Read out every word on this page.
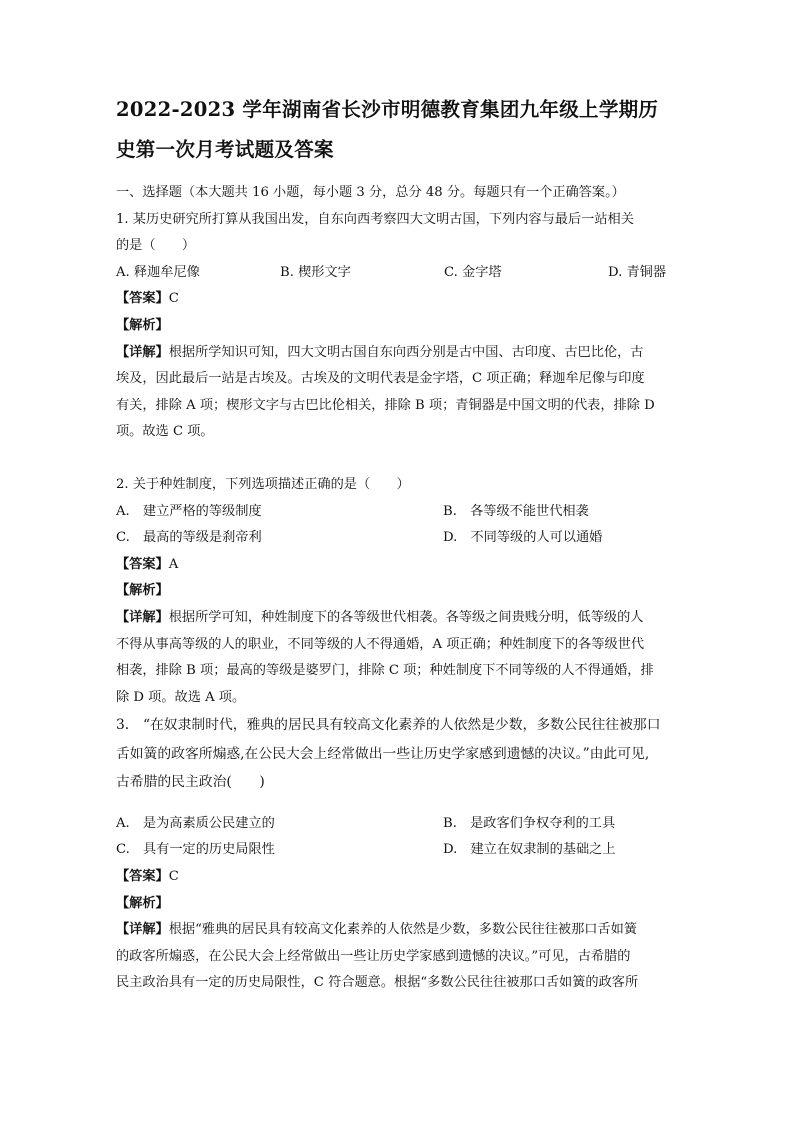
2022-2023 学年湖南省长沙市明德教育集团九年级上学期历

史第一次月考试题及答案

一、选择题（本大题共 16 小题，每小题 3 分，总分 48 分。每题只有一个正确答案。）

1. 某历史研究所打算从我国出发，自东向西考察四大文明古国，下列内容与最后一站相关

的是（　　）

A. 释迦牟尼像	B. 楔形文字	C. 金字塔	D. 青铜器

【答案】C

【解析】

【详解】根据所学知识可知，四大文明古国自东向西分别是古中国、古印度、古巴比伦，古

埃及，因此最后一站是古埃及。古埃及的文明代表是金字塔，C 项正确；释迦牟尼像与印度

有关，排除 A 项；楔形文字与古巴比伦相关，排除 B 项；青铜器是中国文明的代表，排除 D

项。故选 C 项。

2. 关于种姓制度，下列选项描述正确的是（　　）

A.　建立严格的等级制度	B.　各等级不能世代相袭
C.　最高的等级是刹帝利	D.　不同等级的人可以通婚

【答案】A

【解析】

【详解】根据所学可知，种姓制度下的各等级世代相袭。各等级之间贵贱分明，低等级的人

不得从事高等级的人的职业，不同等级的人不得通婚，A 项正确；种姓制度下的各等级世代

相袭，排除 B 项；最高的等级是婆罗门，排除 C 项；种姓制度下不同等级的人不得通婚，排

除 D 项。故选 A 项。

3.　“在奴隶制时代，雅典的居民具有较高文化素养的人依然是少数，多数公民往往被那口

舌如簧的政客所煽惑,在公民大会上经常做出一些让历史学家感到遗憾的决议。”由此可见,

古希腊的民主政治(　　)

A.　是为高素质公民建立的	B.　是政客们争权夺利的工具
C.　具有一定的历史局限性	D.　建立在奴隶制的基础之上

【答案】C

【解析】

【详解】根据“雅典的居民具有较高文化素养的人依然是少数，多数公民往往被那口舌如簧

的政客所煽惑，在公民大会上经常做出一些让历史学家感到遗憾的决议。”可见，古希腊的

民主政治具有一定的历史局限性，C 符合题意。根据“多数公民往往被那口舌如簧的政客所
